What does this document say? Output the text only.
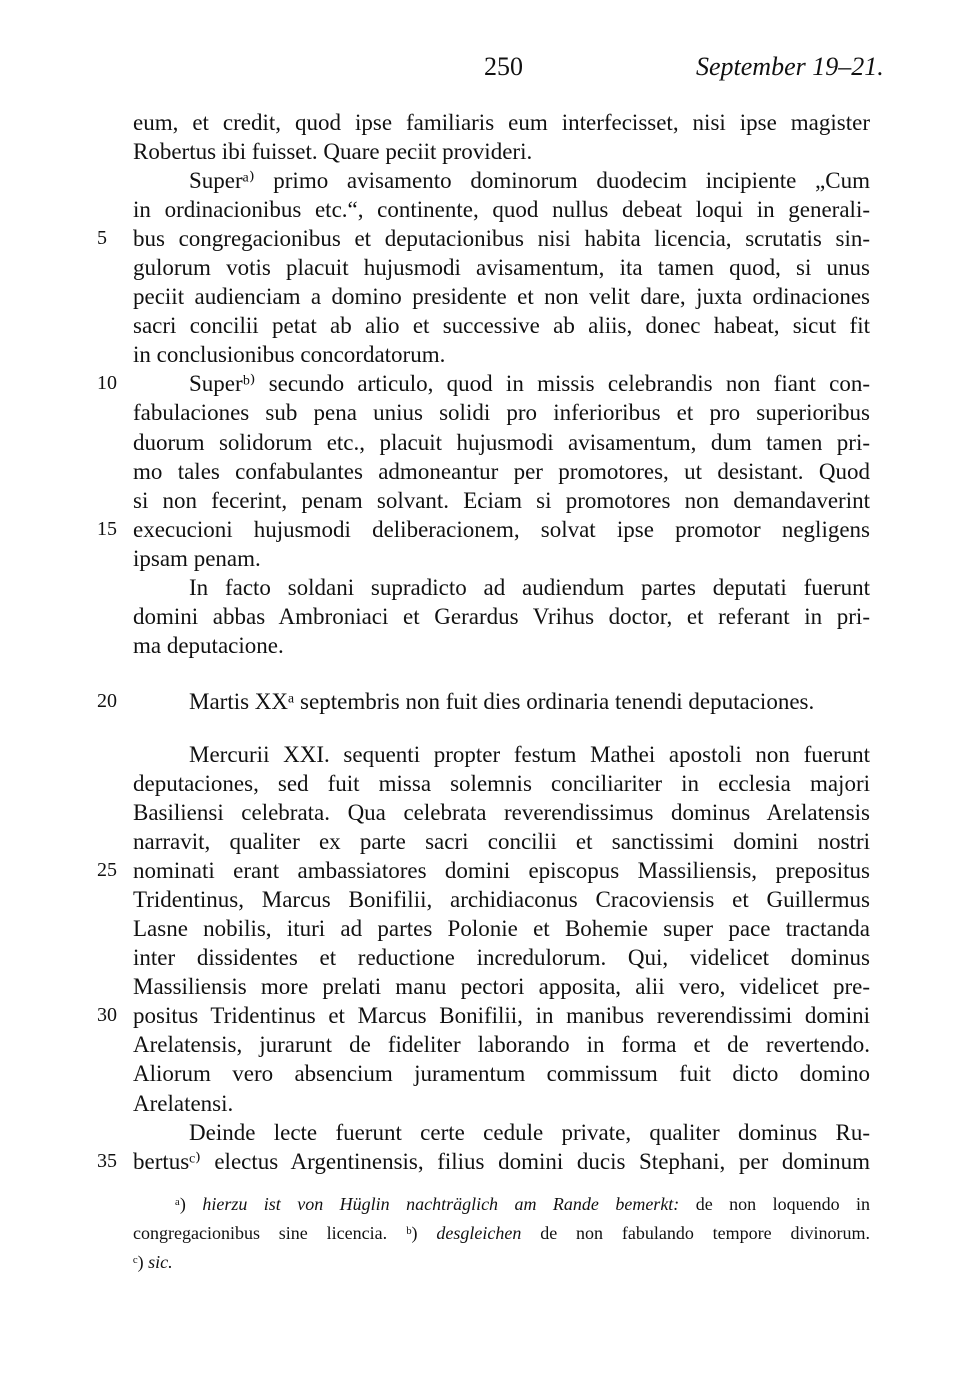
250	September 19–21.
eum, et credit, quod ipse familiaris eum interfecisset, nisi ipse magister
Robertus ibi fuisset. Quare peciit provideri.
Superᵃ⁾ primo avisamento dominorum duodecim incipiente „Cum
in ordinacionibus etc.“, continente, quod nullus debeat loqui in generali-
5	bus congregacionibus et deputacionibus nisi habita licencia, scrutatis sin-
gulorum votis placuit hujusmodi avisamentum, ita tamen quod, si unus
peciit audienciam a domino presidente et non velit dare, juxta ordinaciones
sacri concilii petat ab alio et successive ab aliis, donec habeat, sicut fit
in conclusionibus concordatorum.
10	Superᵇ⁾ secundo articulo, quod in missis celebrandis non fiant con-
fabulaciones sub pena unius solidi pro inferioribus et pro superioribus
duorum solidorum etc., placuit hujusmodi avisamentum, dum tamen pri-
mo tales confabulantes admoneantur per promotores, ut desistant. Quod
si non fecerint, penam solvant. Eciam si promotores non demandaverint
15 execucioni hujusmodi deliberacionem, solvat ipse promotor negligens
ipsam penam.
In facto soldani supradicto ad audiendum partes deputati fuerunt
domini abbas Ambroniaci et Gerardus Vrihus doctor, et referant in pri-
ma deputacione.
20	Martis XXᵃ septembris non fuit dies ordinaria tenendi deputaciones.
Mercurii XXI. sequenti propter festum Mathei apostoli non fuerunt
deputaciones, sed fuit missa solemnis conciliariter in ecclesia majori
Basiliensi celebrata. Qua celebrata reverendissimus dominus Arelatensis
narravit, qualiter ex parte sacri concilii et sanctissimi domini nostri
25 nominati erant ambassiatores domini episcopus Massiliensis, prepositus
Tridentinus, Marcus Bonifilii, archidiaconus Cracoviensis et Guillermus
Lasne nobilis, ituri ad partes Polonie et Bohemie super pace tractanda
inter dissidentes et reductione incredulorum. Qui, videlicet dominus
Massiliensis more prelati manu pectori apposita, alii vero, videlicet pre-
30 positus Tridentinus et Marcus Bonifilii, in manibus reverendissimi domini
Arelatensis, jurarunt de fideliter laborando in forma et de revertendo.
Aliorum vero absencium juramentum commissum fuit dicto domino
Arelatensi.
Deinde lecte fuerunt certe cedule private, qualiter dominus Ru-
35 bertusᶜ⁾ electus Argentinensis, filius domini ducis Stephani, per dominum
ᵃ) hierzu ist von Hüglin nachträglich am Rande bemerkt: de non loquendo in
congregacionibus sine licencia. ᵇ) desgleichen de non fabulando tempore divinorum.
ᶜ) sic.
